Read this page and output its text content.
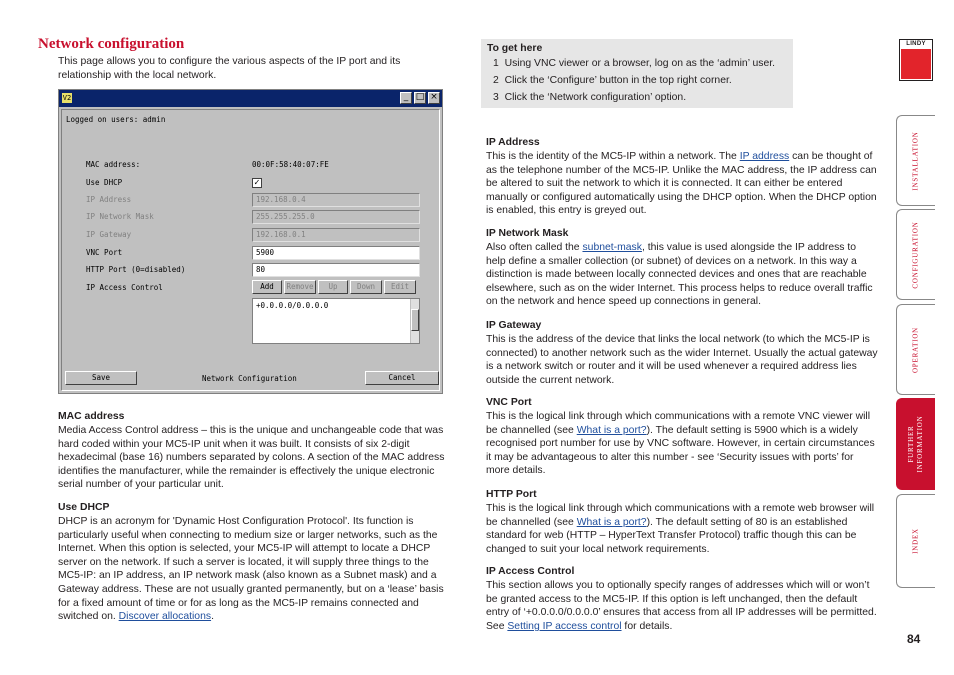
Network configuration
This page allows you to configure the various aspects of the IP port and its relationship with the local network.
V2	_ □ ×
Logged on users: admin
MAC address:	00:0F:58:40:07:FE
Use DHCP	✓
IP Address	192.168.0.4
IP Network Mask	255.255.255.0
IP Gateway	192.168.0.1
VNC Port	5900
HTTP Port (0=disabled)	80
IP Access Control	Add	Remove	Up	Down	Edit
+0.0.0.0/0.0.0.0
Save	Network Configuration	Cancel
MAC address
Media Access Control address – this is the unique and unchangeable code that was hard coded within your MC5-IP unit when it was built. It consists of six 2-digit hexadecimal (base 16) numbers separated by colons. A section of the MAC address identifies the manufacturer, while the remainder is effectively the unique electronic serial number of your particular unit.
Use DHCP
DHCP is an acronym for 'Dynamic Host Configuration Protocol'. Its function is particularly useful when connecting to medium size or larger networks, such as the Internet. When this option is selected, your MC5-IP will attempt to locate a DHCP server on the network. If such a server is located, it will supply three things to the MC5-IP: an IP address, an IP network mask (also known as a Subnet mask) and a Gateway address. These are not usually granted permanently, but on a ‘lease’ basis for a fixed amount of time or for as long as the MC5-IP remains connected and switched on. Discover allocations.
To get here
1 Using VNC viewer or a browser, log on as the ‘admin’ user.
2 Click the ‘Configure’ button in the top right corner.
3 Click the ‘Network configuration’ option.
IP Address
This is the identity of the MC5-IP within a network. The IP address can be thought of as the telephone number of the MC5-IP. Unlike the MAC address, the IP address can be altered to suit the network to which it is connected. It can either be entered manually or configured automatically using the DHCP option. When the DHCP option is enabled, this entry is greyed out.
IP Network Mask
Also often called the subnet-mask, this value is used alongside the IP address to help define a smaller collection (or subnet) of devices on a network. In this way a distinction is made between locally connected devices and ones that are reachable elsewhere, such as on the wider Internet. This process helps to reduce overall traffic on the network and hence speed up connections in general.
IP Gateway
This is the address of the device that links the local network (to which the MC5-IP is connected) to another network such as the wider Internet. Usually the actual gateway is a network switch or router and it will be used whenever a required address lies outside the current network.
VNC Port
This is the logical link through which communications with a remote VNC viewer will be channelled (see What is a port?). The default setting is 5900 which is a widely recognised port number for use by VNC software. However, in certain circumstances it may be advantageous to alter this number - see ‘Security issues with ports’ for more details.
HTTP Port
This is the logical link through which communications with a remote web browser will be channelled (see What is a port?). The default setting of 80 is an established standard for web (HTTP – HyperText Transfer Protocol) traffic though this can be changed to suit your local network requirements.
IP Access Control
This section allows you to optionally specify ranges of addresses which will or won’t be granted access to the MC5-IP. If this option is left unchanged, then the default entry of ‘+0.0.0.0/0.0.0.0’ ensures that access from all IP addresses will be permitted. See Setting IP access control for details.
LINDY
INSTALLATION
CONFIGURATION
OPERATION
FURTHER INFORMATION
INDEX
84
